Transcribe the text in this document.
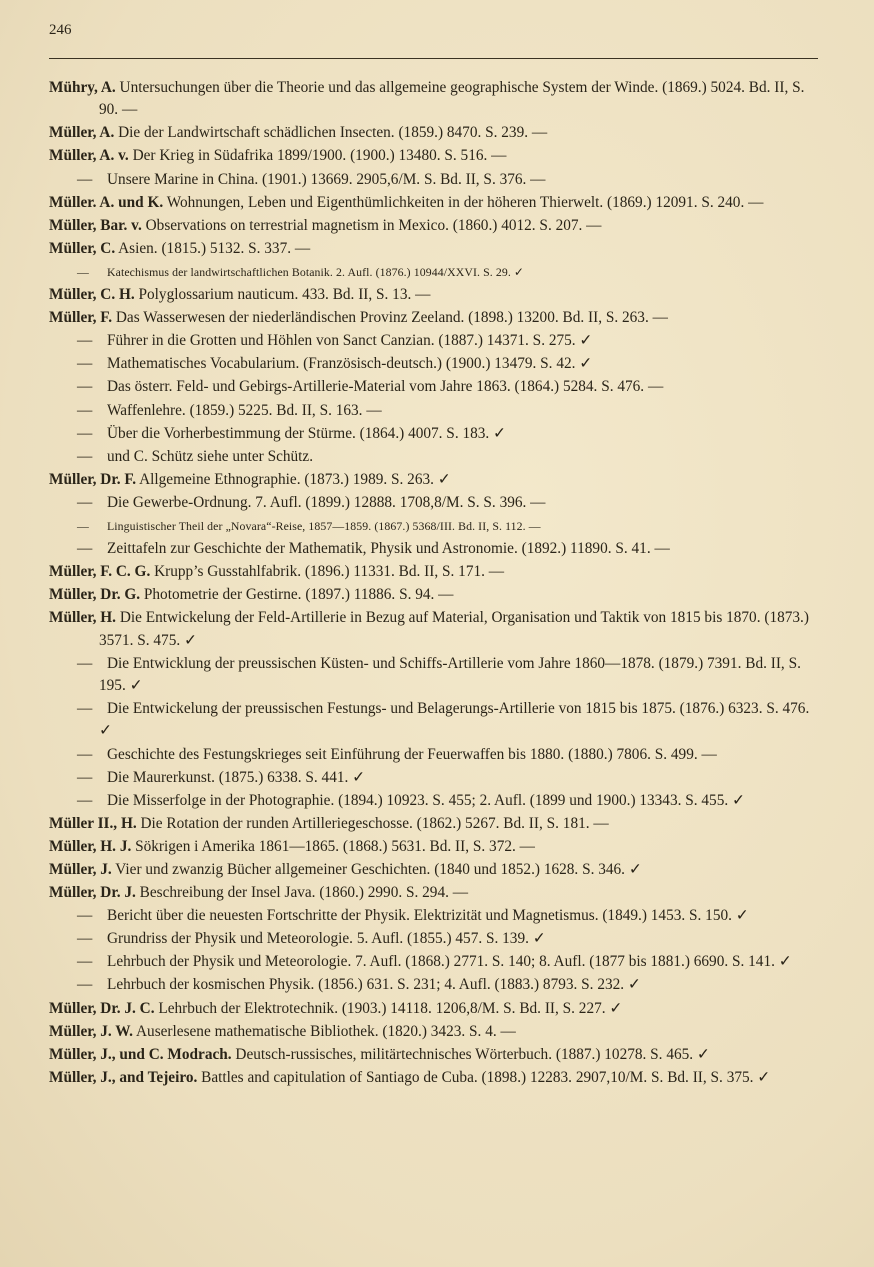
246
Mühry, A. Untersuchungen über die Theorie und das allgemeine geographische System der Winde. (1869.) 5024. Bd. II, S. 90. —
Müller, A. Die der Landwirtschaft schädlichen Insecten. (1859.) 8470. S. 239. —
Müller, A. v. Der Krieg in Südafrika 1899/1900. (1900.) 13480. S. 516. —
— Unsere Marine in China. (1901.) 13669. 2905,6/M. S. Bd. II, S. 376. —
Müller. A. und K. Wohnungen, Leben und Eigenthümlichkeiten in der höheren Thierwelt. (1869.) 12091. S. 240. —
Müller, Bar. v. Observations on terrestrial magnetism in Mexico. (1860.) 4012. S. 207. —
Müller, C. Asien. (1815.) 5132. S. 337. —
— Katechismus der landwirtschaftlichen Botanik. 2. Aufl. (1876.) 10944/XXVI. S. 29. ✓
Müller, C. H. Polyglossarium nauticum. 433. Bd. II, S. 13. —
Müller, F. Das Wasserwesen der niederländischen Provinz Zeeland. (1898.) 13200. Bd. II, S. 263. —
— Führer in die Grotten und Höhlen von Sanct Canzian. (1887.) 14371. S. 275. ✓
— Mathematisches Vocabularium. (Französisch-deutsch.) (1900.) 13479. S. 42. ✓
— Das österr. Feld- und Gebirgs-Artillerie-Material vom Jahre 1863. (1864.) 5284. S. 476. —
— Waffenlehre. (1859.) 5225. Bd. II, S. 163. —
— Über die Vorherbestimmung der Stürme. (1864.) 4007. S. 183. ✓
— und C. Schütz siehe unter Schütz.
Müller, Dr. F. Allgemeine Ethnographie. (1873.) 1989. S. 263. ✓
— Die Gewerbe-Ordnung. 7. Aufl. (1899.) 12888. 1708,8/M. S. S. 396. —
— Linguistischer Theil der „Novara“-Reise, 1857—1859. (1867.) 5368/III. Bd. II, S. 112. —
— Zeittafeln zur Geschichte der Mathematik, Physik und Astronomie. (1892.) 11890. S. 41. —
Müller, F. C. G. Krupp’s Gusstahlfabrik. (1896.) 11331. Bd. II, S. 171. —
Müller, Dr. G. Photometrie der Gestirne. (1897.) 11886. S. 94. —
Müller, H. Die Entwickelung der Feld-Artillerie in Bezug auf Material, Organisation und Taktik von 1815 bis 1870. (1873.) 3571. S. 475. ✓
— Die Entwicklung der preussischen Küsten- und Schiffs-Artillerie vom Jahre 1860—1878. (1879.) 7391. Bd. II, S. 195. ✓
— Die Entwickelung der preussischen Festungs- und Belagerungs-Artillerie von 1815 bis 1875. (1876.) 6323. S. 476. ✓
— Geschichte des Festungskrieges seit Einführung der Feuerwaffen bis 1880. (1880.) 7806. S. 499. —
— Die Maurerkunst. (1875.) 6338. S. 441. ✓
— Die Misserfolge in der Photographie. (1894.) 10923. S. 455; 2. Aufl. (1899 und 1900.) 13343. S. 455. ✓
Müller II., H. Die Rotation der runden Artilleriegeschosse. (1862.) 5267. Bd. II, S. 181. —
Müller, H. J. Sökrigen i Amerika 1861—1865. (1868.) 5631. Bd. II, S. 372. —
Müller, J. Vier und zwanzig Bücher allgemeiner Geschichten. (1840 und 1852.) 1628. S. 346. ✓
Müller, Dr. J. Beschreibung der Insel Java. (1860.) 2990. S. 294. —
— Bericht über die neuesten Fortschritte der Physik. Elektrizität und Magnetismus. (1849.) 1453. S. 150. ✓
— Grundriss der Physik und Meteorologie. 5. Aufl. (1855.) 457. S. 139. ✓
— Lehrbuch der Physik und Meteorologie. 7. Aufl. (1868.) 2771. S. 140; 8. Aufl. (1877 bis 1881.) 6690. S. 141. ✓
— Lehrbuch der kosmischen Physik. (1856.) 631. S. 231; 4. Aufl. (1883.) 8793. S. 232. ✓
Müller, Dr. J. C. Lehrbuch der Elektrotechnik. (1903.) 14118. 1206,8/M. S. Bd. II, S. 227. ✓
Müller, J. W. Auserlesene mathematische Bibliothek. (1820.) 3423. S. 4. —
Müller, J., und C. Modrach. Deutsch-russisches, militärtechnisches Wörterbuch. (1887.) 10278. S. 465. ✓
Müller, J., and Tejeiro. Battles and capitulation of Santiago de Cuba. (1898.) 12283. 2907,10/M. S. Bd. II, S. 375. ✓
